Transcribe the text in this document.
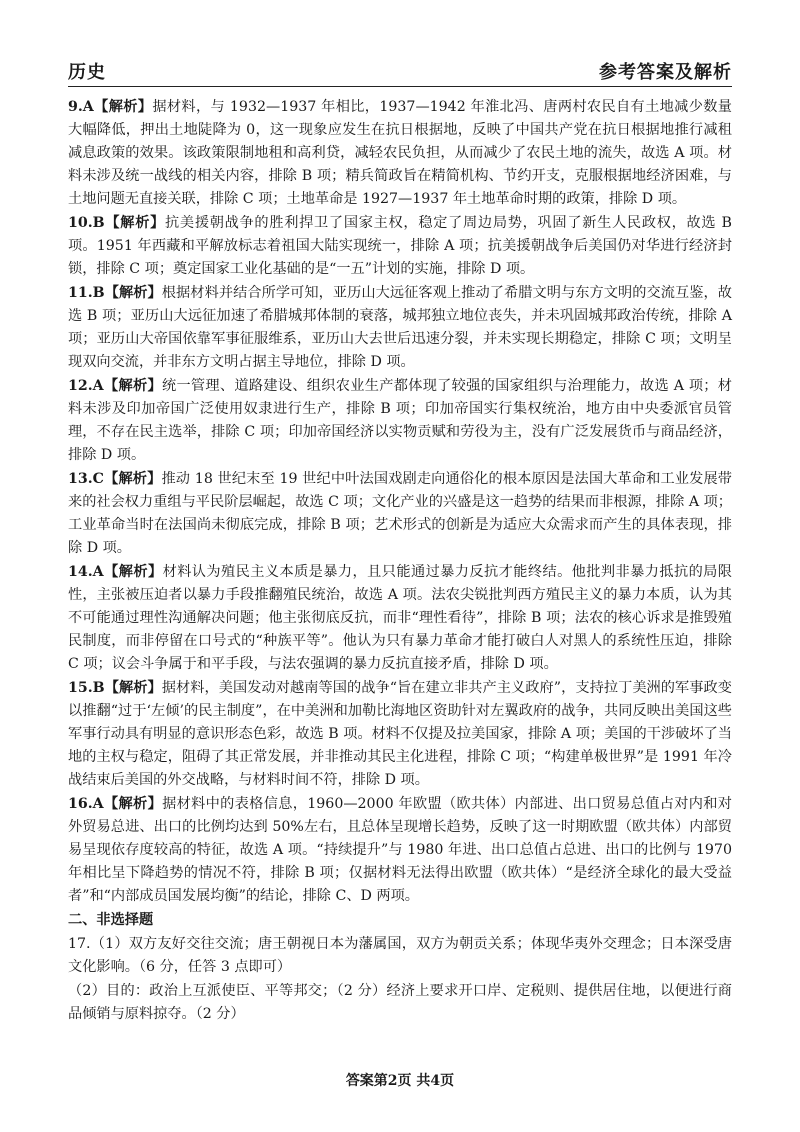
历史	参考答案及解析

9.A【解析】据材料，与 1932—1937 年相比，1937—1942 年淮北冯、唐两村农民自有土地减少数量大幅降低，押出土地陡降为 0，这一现象应发生在抗日根据地，反映了中国共产党在抗日根据地推行减租减息政策的效果。该政策限制地租和高利贷，减轻农民负担，从而减少了农民土地的流失，故选 A 项。材料未涉及统一战线的相关内容，排除 B 项；精兵简政旨在精简机构、节约开支，克服根据地经济困难，与土地问题无直接关联，排除 C 项；土地革命是 1927—1937 年土地革命时期的政策，排除 D 项。

10.B【解析】抗美援朝战争的胜利捍卫了国家主权，稳定了周边局势，巩固了新生人民政权，故选 B 项。1951 年西藏和平解放标志着祖国大陆实现统一，排除 A 项；抗美援朝战争后美国仍对华进行经济封锁，排除 C 项；奠定国家工业化基础的是“一五”计划的实施，排除 D 项。

11.B【解析】根据材料并结合所学可知，亚历山大远征客观上推动了希腊文明与东方文明的交流互鉴，故选 B 项；亚历山大远征加速了希腊城邦体制的衰落，城邦独立地位丧失，并未巩固城邦政治传统，排除 A 项；亚历山大帝国依靠军事征服维系，亚历山大去世后迅速分裂，并未实现长期稳定，排除 C 项；文明呈现双向交流，并非东方文明占据主导地位，排除 D 项。

12.A【解析】统一管理、道路建设、组织农业生产都体现了较强的国家组织与治理能力，故选 A 项；材料未涉及印加帝国广泛使用奴隶进行生产，排除 B 项；印加帝国实行集权统治，地方由中央委派官员管理，不存在民主选举，排除 C 项；印加帝国经济以实物贡赋和劳役为主，没有广泛发展货币与商品经济，排除 D 项。

13.C【解析】推动 18 世纪末至 19 世纪中叶法国戏剧走向通俗化的根本原因是法国大革命和工业发展带来的社会权力重组与平民阶层崛起，故选 C 项；文化产业的兴盛是这一趋势的结果而非根源，排除 A 项；工业革命当时在法国尚未彻底完成，排除 B 项；艺术形式的创新是为适应大众需求而产生的具体表现，排除 D 项。

14.A【解析】材料认为殖民主义本质是暴力，且只能通过暴力反抗才能终结。他批判非暴力抵抗的局限性，主张被压迫者以暴力手段推翻殖民统治，故选 A 项。法农尖锐批判西方殖民主义的暴力本质，认为其不可能通过理性沟通解决问题；他主张彻底反抗，而非“理性看待”，排除 B 项；法农的核心诉求是推毁殖民制度，而非停留在口号式的“种族平等”。他认为只有暴力革命才能打破白人对黑人的系统性压迫，排除 C 项；议会斗争属于和平手段，与法农强调的暴力反抗直接矛盾，排除 D 项。

15.B【解析】据材料，美国发动对越南等国的战争“旨在建立非共产主义政府”，支持拉丁美洲的军事政变以推翻“过于‘左倾’的民主制度”，在中美洲和加勒比海地区资助针对左翼政府的战争，共同反映出美国这些军事行动具有明显的意识形态色彩，故选 B 项。材料不仅提及拉美国家，排除 A 项；美国的干涉破坏了当地的主权与稳定，阻碍了其正常发展，并非推动其民主化进程，排除 C 项；“构建单极世界”是 1991 年冷战结束后美国的外交战略，与材料时间不符，排除 D 项。

16.A【解析】据材料中的表格信息，1960—2000 年欧盟（欧共体）内部进、出口贸易总值占对内和对外贸易总进、出口的比例均达到 50%左右，且总体呈现增长趋势，反映了这一时期欧盟（欧共体）内部贸易呈现依存度较高的特征，故选 A 项。“持续提升”与 1980 年进、出口总值占总进、出口的比例与 1970 年相比呈下降趋势的情况不符，排除 B 项；仅据材料无法得出欧盟（欧共体）“是经济全球化的最大受益者”和“内部成员国发展均衡”的结论，排除 C、D 两项。

二、非选择题

17.（1）双方友好交往交流；唐王朝视日本为藩属国，双方为朝贡关系；体现华夷外交理念；日本深受唐文化影响。（6 分，任答 3 点即可）

（2）目的：政治上互派使臣、平等邦交；（2 分）经济上要求开口岸、定税则、提供居住地，以便进行商品倾销与原料掠夺。（2 分）

答案第2页 共4页
